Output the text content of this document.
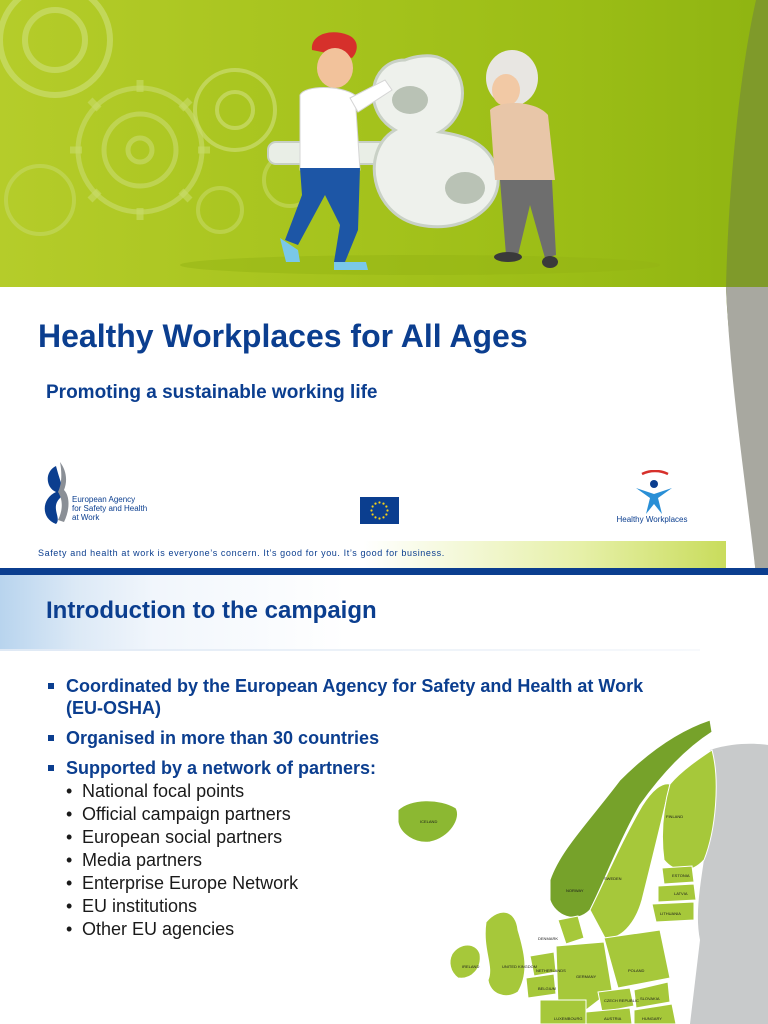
Healthy Workplaces for All Ages
Promoting a sustainable working life
European Agency
for Safety and Health
at Work	Healthy Workplaces
Safety and health at work is everyone’s concern. It’s good for you. It’s good for business.
Introduction to the campaign
ICELAND
NORWAY
SWEDEN
FINLAND
ESTONIA
LATVIA
LITHUANIA
DENMARK
IRELAND	UNITED KINGDOM
NETHERLANDS
BELGIUM
GERMANY
POLAND
CZECH REPUBLIC SLOVAKIA
AUSTRIA	HUNGARY
LUXEMBOURG
Coordinated by the European Agency for Safety and Health at Work (EU-OSHA)
Organised in more than 30 countries
Supported by a network of partners:
• National focal points
• Official campaign partners
• European social partners
• Media partners
• Enterprise Europe Network
• EU institutions
• Other EU agencies
